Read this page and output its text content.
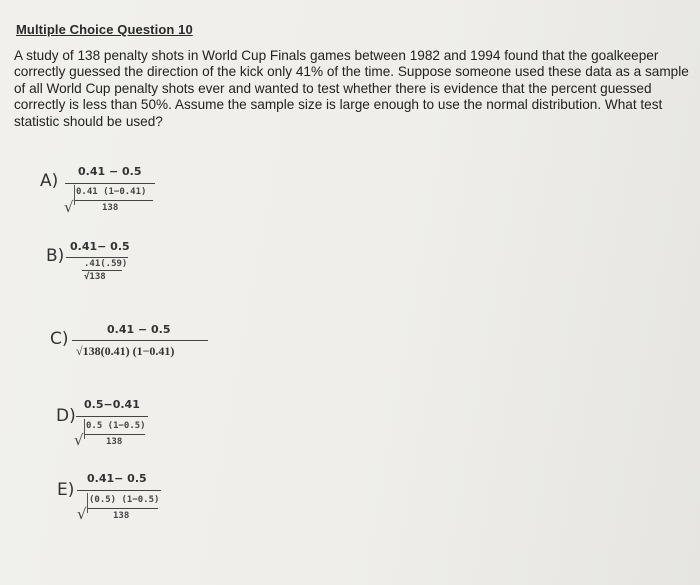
Multiple Choice Question 10
A study of 138 penalty shots in World Cup Finals games between 1982 and 1994 found that the goalkeeper correctly guessed the direction of the kick only 41% of the time. Suppose someone used these data as a sample of all World Cup penalty shots ever and wanted to test whether there is evidence that the percent guessed correctly is less than 50%. Assume the sample size is large enough to use the normal distribution. What test statistic should be used?
A) 0.41 − 0.5
√
0.41 (1−0.41)
138
B) 0.41− 0.5
.41(.59)
√138
C)	0.41 − 0.5
√138(0.41) (1−0.41)
D)
0.5−0.41
√
0.5 (1−0.5)
138
E)
0.41− 0.5
√
(0.5) (1−0.5)
138
